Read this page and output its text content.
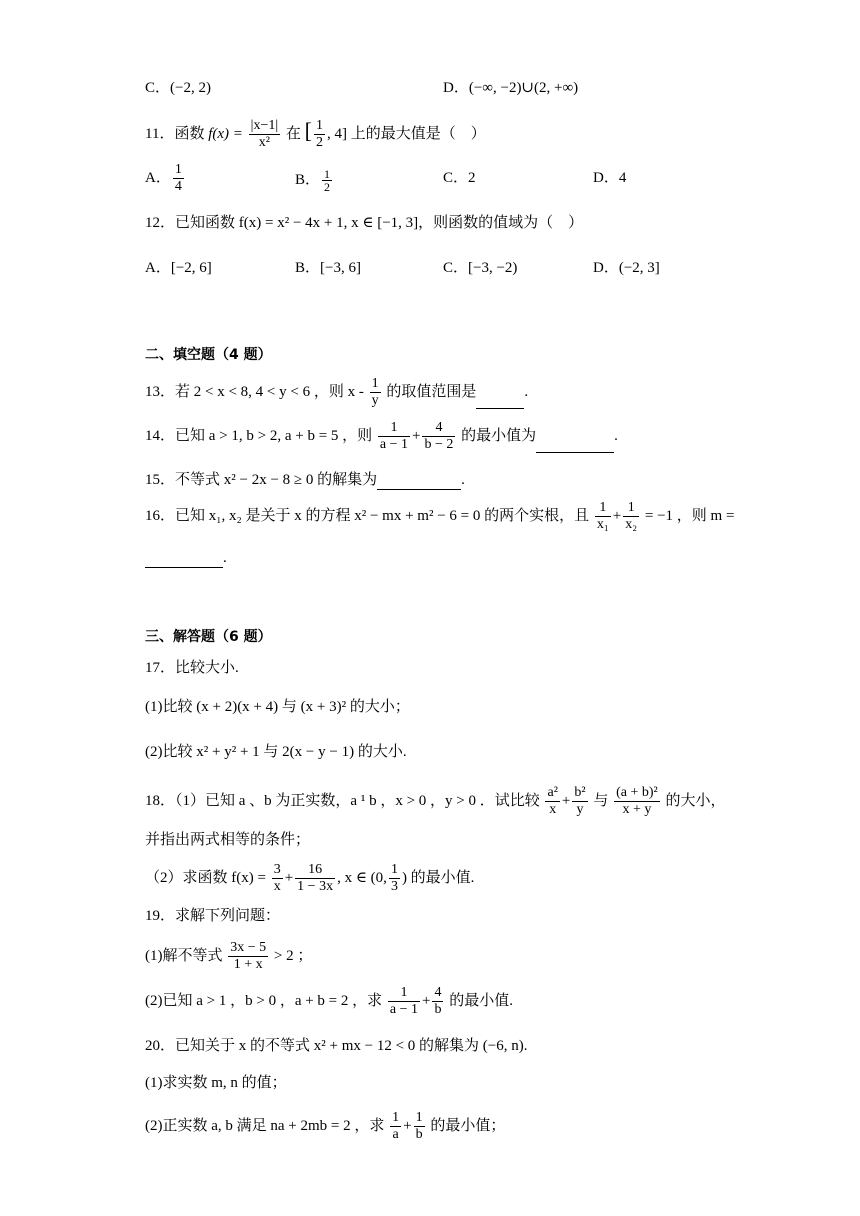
C．(−2, 2)	D．(−∞, −2)∪(2, +∞)
11．函数 $f(x) = \frac{|x-1|}{\text{x²}}$ 在 [ $\frac{1}{2}$ , 4] 上的最大值是（　）
A． $\frac{1}{4}$	B． $\frac{1}{2}$	C．2	D．4
12．已知函数 f(x) = x² − 4x + 1, x ∈ [−1, 3]，则函数的值域为（　）
A．[−2, 6]	B．[−3, 6]	C．[−3, −2)	D．(−2, 3]
二、填空题（4 题）
13．若 2 < x < 8, 4 < y < 6 ，则 x - $\frac{1}{y}$ 的取值范围是	.
14．已知 a > 1, b > 2, a + b = 5 ，则 $\frac{1}{a - 1} + \frac{4}{b - 2}$ 的最小值为	.
15．不等式 x² − 2x − 8 ≥ 0 的解集为	.
16．已知 x₁, x₂ 是关于 x 的方程 x² − mx + m² − 6 = 0 的两个实根，且 $\frac{1}{\text{x₁}} + \frac{1}{\text{x₂}} = -1$ ，则 m =
.
三、解答题（6 题）
17．比较大小.
(1)比较 (x + 2)(x + 4) 与 (x + 3)² 的大小；
(2)比较 x² + y² + 1 与 2(x − y − 1) 的大小.
18．（1）已知 a 、b 为正实数，a ¹ b ，x > 0 ，y > 0 ．试比较 $\frac{\text{a²}}{x} + \frac{\text{b²}}{y}$ 与 $\frac{\text{(a + b)²}}{x + y}$ 的大小，
并指出两式相等的条件；
（2）求函数 $f(x) = \frac{3}{x} + \frac{16}{1 - 3x}$ , x ∈ (0, $\frac{1}{3}$ ) 的最小值.
19．求解下列问题：
(1)解不等式 $\frac{3x - 5}{1 + x} > 2$ ；
(2)已知 a > 1 ，b > 0 ，a + b = 2 ，求 $\frac{1}{a - 1} + \frac{4}{b}$ 的最小值.
20．已知关于 x 的不等式 x² + mx − 12 < 0 的解集为 (−6, n).
(1)求实数 m, n 的值；
(2)正实数 a, b 满足 na + 2mb = 2 ，求 $\frac{1}{a} + \frac{1}{b}$ 的最小值；
